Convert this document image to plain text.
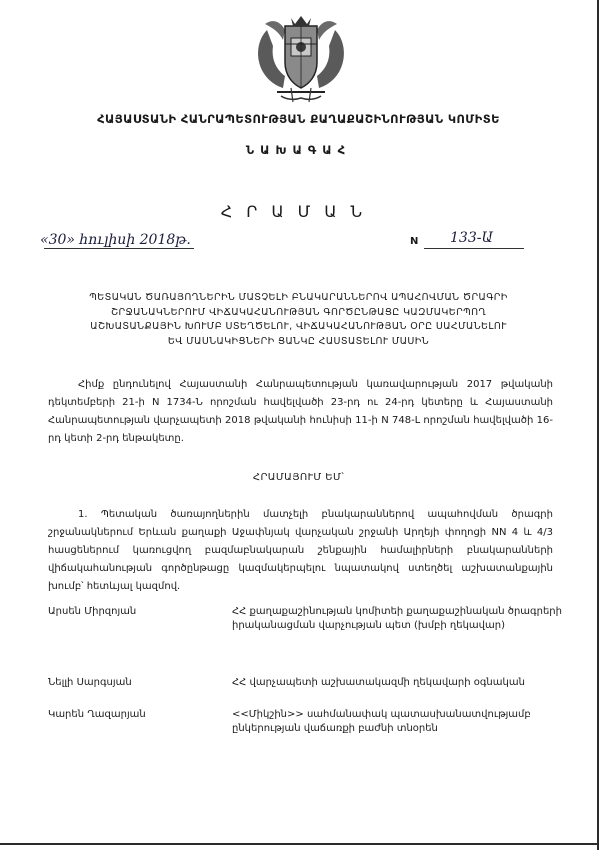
ՀԱՅԱՍՏԱՆԻ ՀԱՆՐԱՊԵՏՈՒԹՅԱՆ ՔԱՂԱՔԱՇԻՆՈՒԹՅԱՆ ԿՈՄԻՏԵ
ՆԱԽԱԳԱՀ
ՀՐԱՄԱՆ
«30» հուլիսի 2018թ.	N 133-Ա
ՊԵՏԱԿԱՆ ԾԱՌԱՅՈՂՆԵՐԻՆ ՄԱՏՉԵԼԻ ԲՆԱԿԱՐԱՆՆԵՐՈՎ ԱՊԱՀՈՎՄԱՆ ԾՐԱԳՐԻ
ՇՐՋԱՆԱԿՆԵՐՈՒՄ ՎԻՃԱԿԱՀԱՆՈՒԹՅԱՆ ԳՈՐԾԸՆԹԱՑԸ ԿԱԶՄԱԿԵՐՊՈՂ
ԱՇԽԱՏԱՆՔԱՅԻՆ ԽՈՒՄԲ ՍՏԵՂԾԵԼՈՒ, ՎԻՃԱԿԱՀԱՆՈՒԹՅԱՆ ՕՐԸ ՍԱՀՄԱՆԵԼՈՒ
ԵՎ ՄԱՍՆԱԿԻՑՆԵՐԻ ՑԱՆԿԸ ՀԱՍՏԱՏԵԼՈՒ ՄԱՍԻՆ
Հիմք ընդունելով Հայաստանի Հանրապետության կառավարության 2017 թվականի դեկտեմբերի 21-ի N 1734-Ն որոշման հավելվածի 23-րդ ու 24-րդ կետերը և Հայաստանի Հանրապետության վարչապետի 2018 թվականի հունիսի 11-ի N 748-Լ որոշման հավելվածի 16-րդ կետի 2-րդ ենթակետը.
ՀՐԱՄԱՅՈՒՄ ԵՄ՝
1. Պետական ծառայողներին մատչելի բնակարաններով ապահովման ծրագրի շրջանակներում Երևան քաղաքի Աջափնյակ վարչական շրջանի Արղեյի փողոցի NN 4 և 4/3 հասցեներում կառուցվող բազմաբնակարան շենքային համալիրների բնակարանների վիճակահանության գործընթացը կազմակերպելու նպատակով ստեղծել աշխատանքային խումբ՝ հետևյալ կազմով.
Արսեն Միրզոյան	ՀՀ քաղաքաշինության կոմիտեի քաղաքաշինական ծրագրերի իրականացման վարչության պետ (խմբի ղեկավար)
Նելլի Սարգսյան	ՀՀ վարչապետի աշխատակազմի ղեկավարի օգնական
Կարեն Ղազարյան	<<Միկշին>> սահմանափակ պատասխանատվությամբ ընկերության վաճառքի բաժնի տնօրեն
